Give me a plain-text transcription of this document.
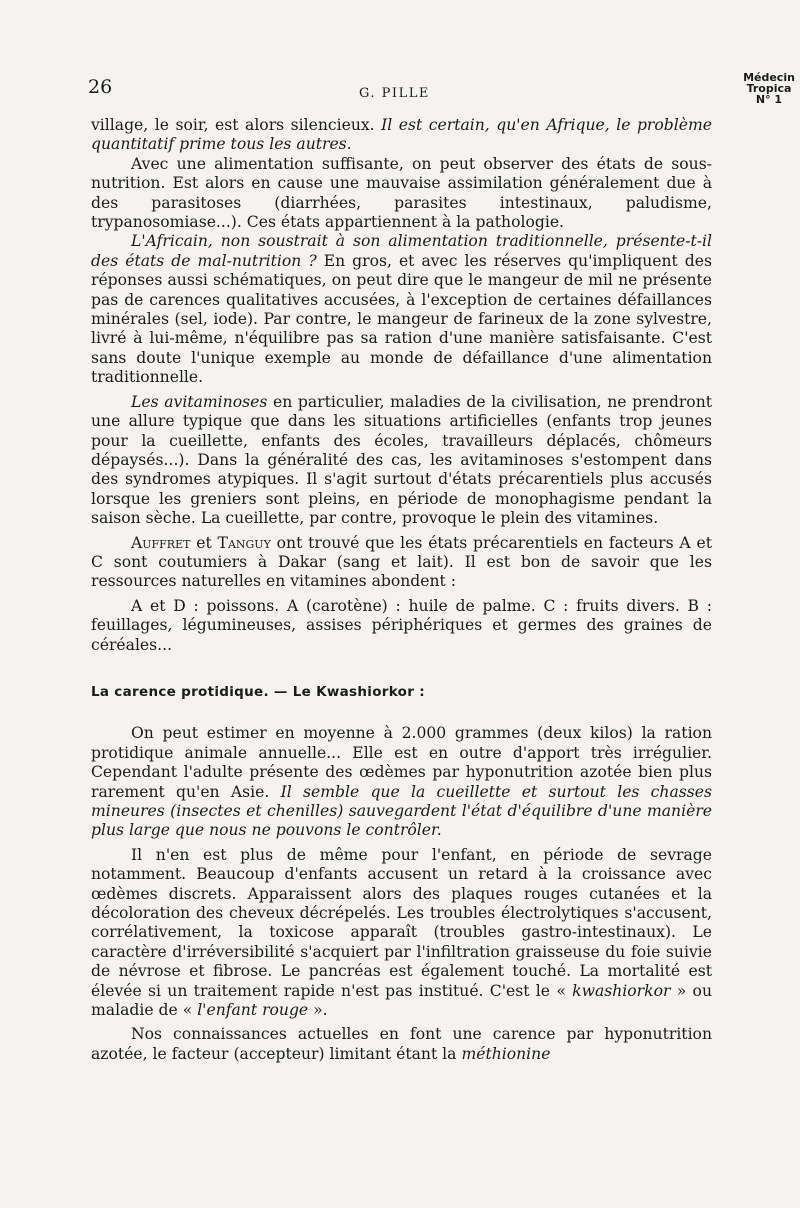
26	G. PILLE
Médecin
Tropica
N° 1

village, le soir, est alors silencieux. Il est certain, qu'en Afrique, le problème quantitatif prime tous les autres.

Avec une alimentation suffisante, on peut observer des états de sous-nutrition. Est alors en cause une mauvaise assimilation généralement due à des parasitoses (diarrhées, parasites intestinaux, paludisme, trypanosomiase...). Ces états appartiennent à la pathologie.

L'Africain, non soustrait à son alimentation traditionnelle, présente-t-il des états de mal-nutrition ? En gros, et avec les réserves qu'impliquent des réponses aussi schématiques, on peut dire que le mangeur de mil ne présente pas de carences qualitatives accusées, à l'exception de certaines défaillances minérales (sel, iode). Par contre, le mangeur de farineux de la zone sylvestre, livré à lui-même, n'équilibre pas sa ration d'une manière satisfaisante. C'est sans doute l'unique exemple au monde de défaillance d'une alimentation traditionnelle.

Les avitaminoses en particulier, maladies de la civilisation, ne prendront une allure typique que dans les situations artificielles (enfants trop jeunes pour la cueillette, enfants des écoles, travailleurs déplacés, chômeurs dépaysés...). Dans la généralité des cas, les avitaminoses s'estompent dans des syndromes atypiques. Il s'agit surtout d'états précarentiels plus accusés lorsque les greniers sont pleins, en période de monophagisme pendant la saison sèche. La cueillette, par contre, provoque le plein des vitamines.

Auffret et Tanguy ont trouvé que les états précarentiels en facteurs A et C sont coutumiers à Dakar (sang et lait). Il est bon de savoir que les ressources naturelles en vitamines abondent :

A et D : poissons. A (carotène) : huile de palme. C : fruits divers. B : feuillages, légumineuses, assises périphériques et germes des graines de céréales...

La carence protidique. — Le Kwashiorkor :

On peut estimer en moyenne à 2.000 grammes (deux kilos) la ration protidique animale annuelle... Elle est en outre d'apport très irrégulier. Cependant l'adulte présente des œdèmes par hyponutrition azotée bien plus rarement qu'en Asie. Il semble que la cueillette et surtout les chasses mineures (insectes et chenilles) sauvegardent l'état d'équilibre d'une manière plus large que nous ne pouvons le contrôler.

Il n'en est plus de même pour l'enfant, en période de sevrage notamment. Beaucoup d'enfants accusent un retard à la croissance avec œdèmes discrets. Apparaissent alors des plaques rouges cutanées et la décoloration des cheveux décrépelés. Les troubles électrolytiques s'accusent, corrélativement, la toxicose apparaît (troubles gastro-intestinaux). Le caractère d'irréversibilité s'acquiert par l'infiltration graisseuse du foie suivie de névrose et fibrose. Le pancréas est également touché. La mortalité est élevée si un traitement rapide n'est pas institué. C'est le « kwashiorkor » ou maladie de « l'enfant rouge ».

Nos connaissances actuelles en font une carence par hyponutrition azotée, le facteur (accepteur) limitant étant la méthionine
